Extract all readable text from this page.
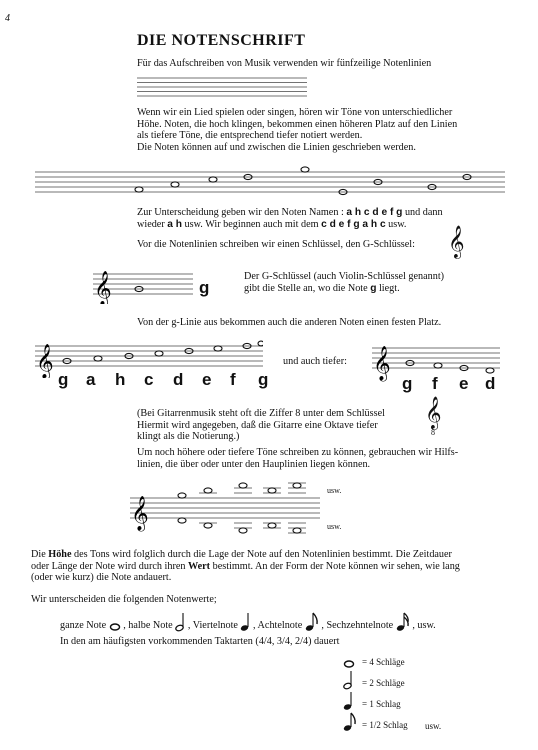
4
DIE NOTENSCHRIFT
Für das Aufschreiben von Musik verwenden wir fünfzeilige Notenlinien
Wenn wir ein Lied spielen oder singen, hören wir Töne von unterschiedlicher
Höhe. Noten, die hoch klingen, bekommen einen höheren Platz auf den Linien
als tiefere Töne, die entsprechend tiefer notiert werden.
Die Noten können auf und zwischen die Linien geschrieben werden.
Zur Unterscheidung geben wir den Noten Namen : a h c d e f g und dann
wieder a h usw. Wir beginnen auch mit dem c d e f g a h c usw.
Vor die Notenlinien schreiben wir einen Schlüssel, den G-Schlüssel: 𝄞
𝄞	g
Der G-Schlüssel (auch Violin-Schlüssel genannt)
gibt die Stelle an, wo die Note g liegt.
Von der g-Linie aus bekommen auch die anderen Noten einen festen Platz.
𝄞
g a h c d e f g
und auch tiefer: 𝄞
g f e d
(Bei Gitarrenmusik steht oft die Ziffer 8 unter dem Schlüssel
Hiermit wird angegeben, daß die Gitarre eine Oktave tiefer
klingt als die Notierung.)
𝄞
8
Um noch höhere oder tiefere Töne schreiben zu können, gebrauchen wir Hilfs-
linien, die über oder unter den Hauplinien liegen können.
𝄞
usw.
usw.
Die Höhe des Tons wird folglich durch die Lage der Note auf den Notenlinien bestimmt. Die Zeitdauer
oder Länge der Note wird durch ihren Wert bestimmt. An der Form der Note können wir sehen, wie lang
(oder wie kurz) die Note andauert.
Wir unterscheiden die folgenden Notenwerte;
ganze Note , halbe Note , Viertelnote , Achtelnote , Sechzehntelnote , usw.
In den am häufigsten vorkommenden Taktarten (4/4, 3/4, 2/4) dauert
= 4 Schläge
= 2 Schläge
= 1 Schlag
= 1/2 Schlag usw.
